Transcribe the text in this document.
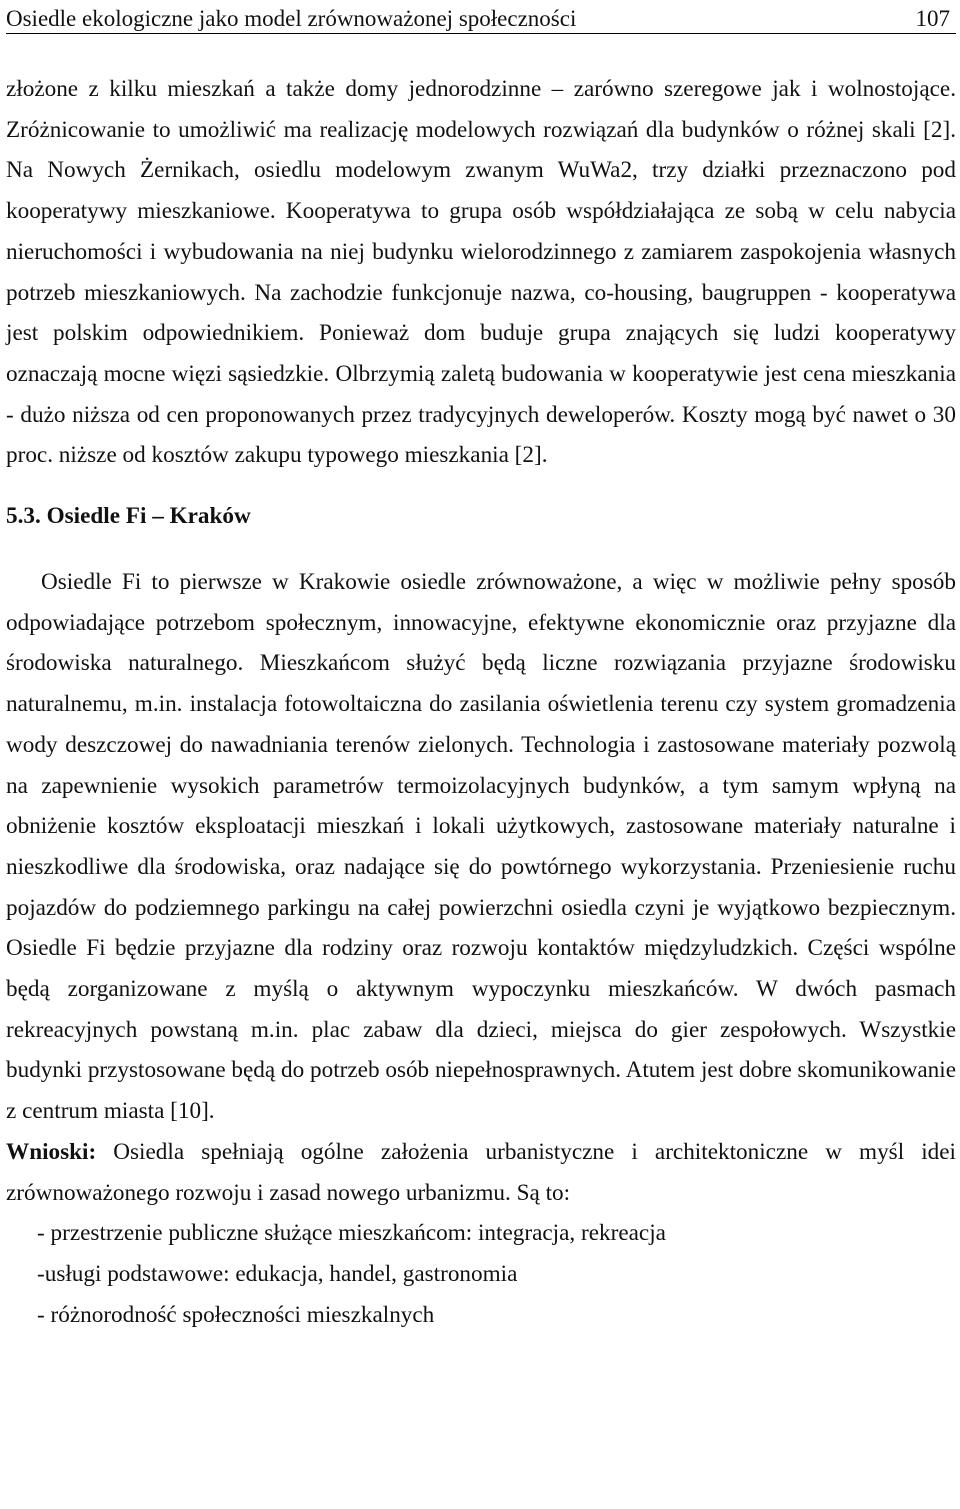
Osiedle ekologiczne jako model zrównoważonej społeczności	107

złożone z kilku mieszkań a także domy jednorodzinne – zarówno szeregowe jak i wolnostojące. Zróżnicowanie to umożliwić ma realizację modelowych rozwiązań dla budynków o różnej skali [2]. Na Nowych Żernikach, osiedlu modelowym zwanym WuWa2, trzy działki przeznaczono pod kooperatywy mieszkaniowe. Kooperatywa to grupa osób współdziałająca ze sobą w celu nabycia nieruchomości i wybudowania na niej budynku wielorodzinnego z zamiarem zaspokojenia własnych potrzeb mieszkaniowych. Na zachodzie funkcjonuje nazwa, co-housing, baugruppen - kooperatywa jest polskim odpowiednikiem. Ponieważ dom buduje grupa znających się ludzi kooperatywy oznaczają mocne więzi sąsiedzkie. Olbrzymią zaletą budowania w kooperatywie jest cena mieszkania - dużo niższa od cen proponowanych przez tradycyjnych deweloperów. Koszty mogą być nawet o 30 proc. niższe od kosztów zakupu typowego mieszkania [2].

5.3. Osiedle Fi – Kraków

Osiedle Fi to pierwsze w Krakowie osiedle zrównoważone, a więc w możliwie pełny sposób odpowiadające potrzebom społecznym, innowacyjne, efektywne ekonomicznie oraz przyjazne dla środowiska naturalnego. Mieszkańcom służyć będą liczne rozwiązania przyjazne środowisku naturalnemu, m.in. instalacja fotowoltaiczna do zasilania oświetlenia terenu czy system gromadzenia wody deszczowej do nawadniania terenów zielonych. Technologia i zastosowane materiały pozwolą na zapewnienie wysokich parametrów termoizolacyjnych budynków, a tym samym wpłyną na obniżenie kosztów eksploatacji mieszkań i lokali użytkowych, zastosowane materiały naturalne i nieszkodliwe dla środowiska, oraz nadające się do powtórnego wykorzystania. Przeniesienie ruchu pojazdów do podziemnego parkingu na całej powierzchni osiedla czyni je wyjątkowo bezpiecznym. Osiedle Fi będzie przyjazne dla rodziny oraz rozwoju kontaktów międzyludzkich. Części wspólne będą zorganizowane z myślą o aktywnym wypoczynku mieszkańców. W dwóch pasmach rekreacyjnych powstaną m.in. plac zabaw dla dzieci, miejsca do gier zespołowych. Wszystkie budynki przystosowane będą do potrzeb osób niepełnosprawnych. Atutem jest dobre skomunikowanie z centrum miasta [10].

Wnioski: Osiedla spełniają ogólne założenia urbanistyczne i architektoniczne w myśl idei zrównoważonego rozwoju i zasad nowego urbanizmu. Są to:

- przestrzenie publiczne służące mieszkańcom: integracja, rekreacja
-usługi podstawowe: edukacja, handel, gastronomia
- różnorodność społeczności mieszkalnych
